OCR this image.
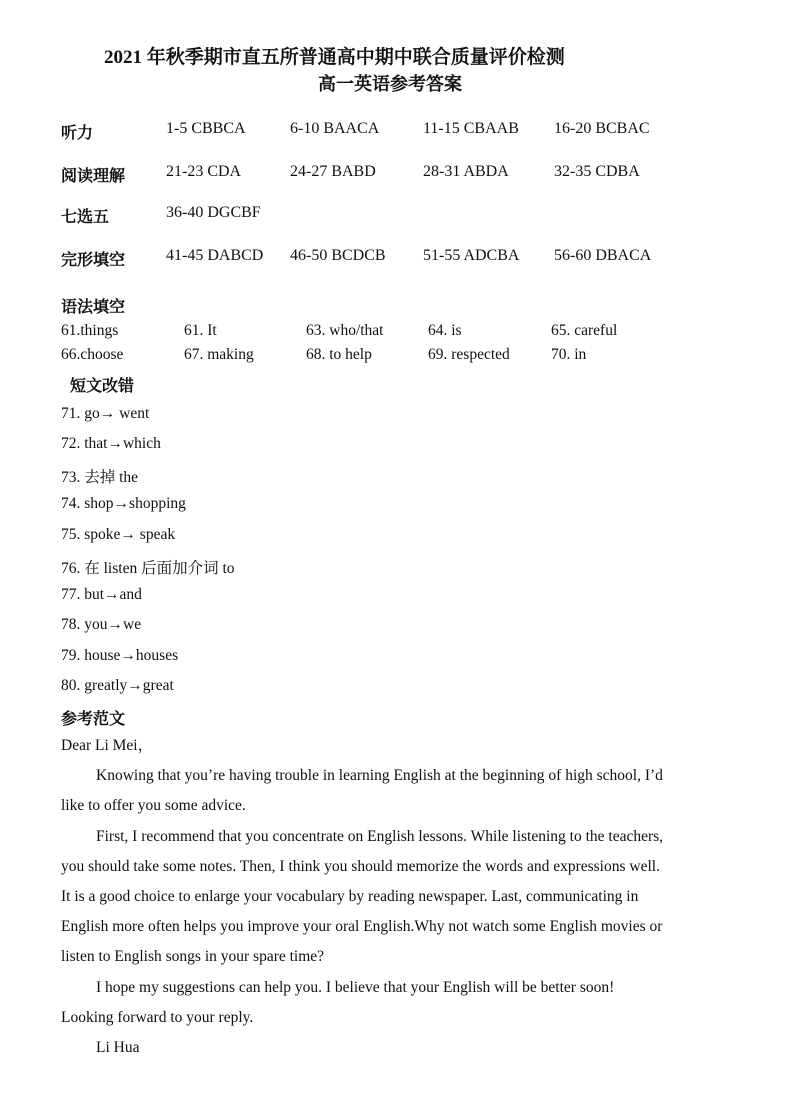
2021 年秋季期市直五所普通高中期中联合质量评价检测
高一英语参考答案
听力	1-5 CBBCA	6-10 BAACA	11-15 CBAAB 16-20 BCBAC
阅读理解	21-23 CDA	24-27 BABD	28-31 ABDA	32-35 CDBA
七选五	36-40 DGCBF
完形填空	41-45 DABCD 46-50 BCDCB 51-55 ADCBA 56-60 DBACA
语法填空
61.things	61. It	63. who/that	64. is	65. careful
66.choose	67. making	68. to help	69. respected	70. in
短文改错
71. go→ went
72. that→which
73. 去掉 the
74. shop→shopping
75. spoke→ speak
76. 在 listen 后面加介词 to
77. but→and
78. you→we
79. house→houses
80. greatly→great
参考范文
Dear Li Mei，
Knowing that you’re having trouble in learning English at the beginning of high school, I’d
like to offer you some advice.
First, I recommend that you concentrate on English lessons. While listening to the teachers,
you should take some notes. Then, I think you should memorize the words and expressions well.
It is a good choice to enlarge your vocabulary by reading newspaper. Last, communicating in
English more often helps you improve your oral English.Why not watch some English movies or
listen to English songs in your spare time?
I hope my suggestions can help you. I believe that your English will be better soon!
Looking forward to your reply.
Li Hua
